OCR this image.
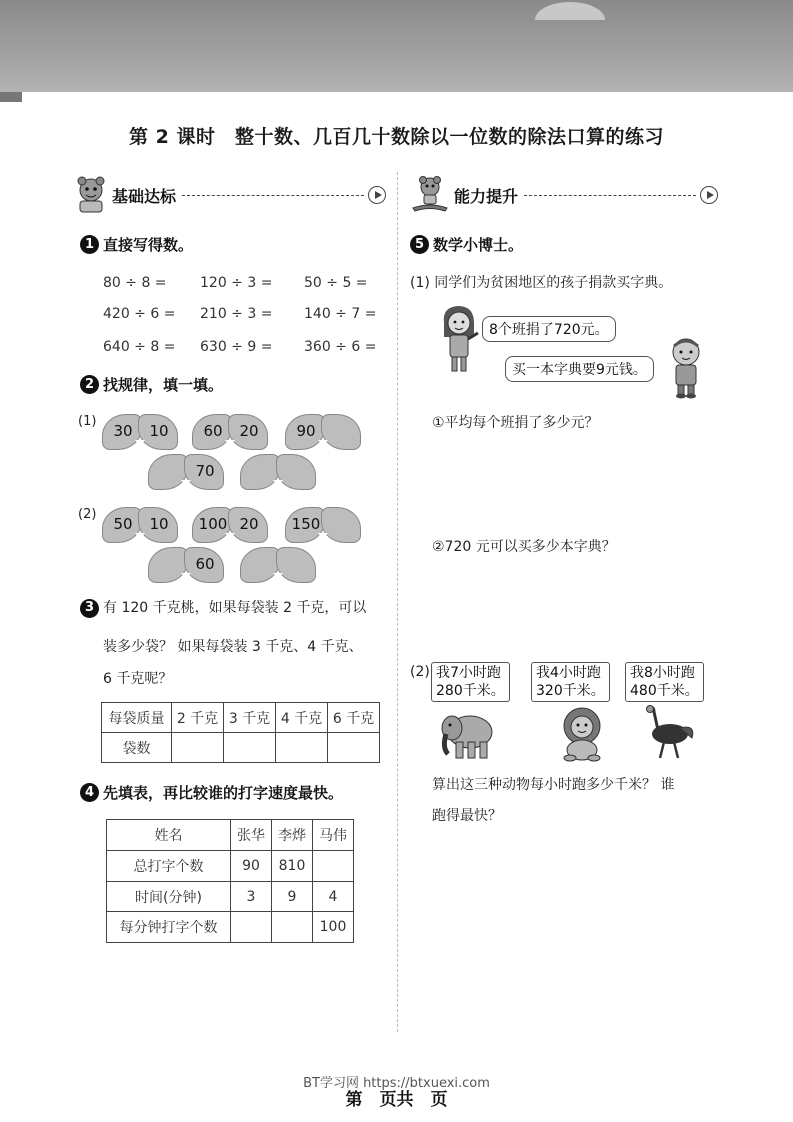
第 2 课时　整十数、几百几十数除以一位数的除法口算的练习
基础达标	能力提升
1 直接写得数。
80 ÷ 8 = 120 ÷ 3 = 50 ÷ 5 =
420 ÷ 6 = 210 ÷ 3 = 140 ÷ 7 =
640 ÷ 8 = 630 ÷ 9 = 360 ÷ 6 =
2 找规律，填一填。
(1)
30	10	60	20	90
70
(2)
50	10	100 20	150
60
3 有 120 千克桃，如果每袋装 2 千克，可以
装多少袋？ 如果每袋装 3 千克、4 千克、
6 千克呢？
每袋质量	2 千克	3 千克	4 千克	6 千克
袋数				
4 先填表，再比较谁的打字速度最快。
姓名	张华	李烨	马伟
总打字个数	90	810	
时间(分钟)	3	9	4
每分钟打字个数			100
5 数学小博士。
(1) 同学们为贫困地区的孩子捐款买字典。
8个班捐了720元。
买一本字典要9元钱。
①平均每个班捐了多少元？
②720 元可以买多少本字典？
(2) 我7小时跑
280千米。
我4小时跑
320千米。
我8小时跑
480千米。
算出这三种动物每小时跑多少千米？ 谁
跑得最快？
BT学习网 https://btxuexi.com
第　页共　页
